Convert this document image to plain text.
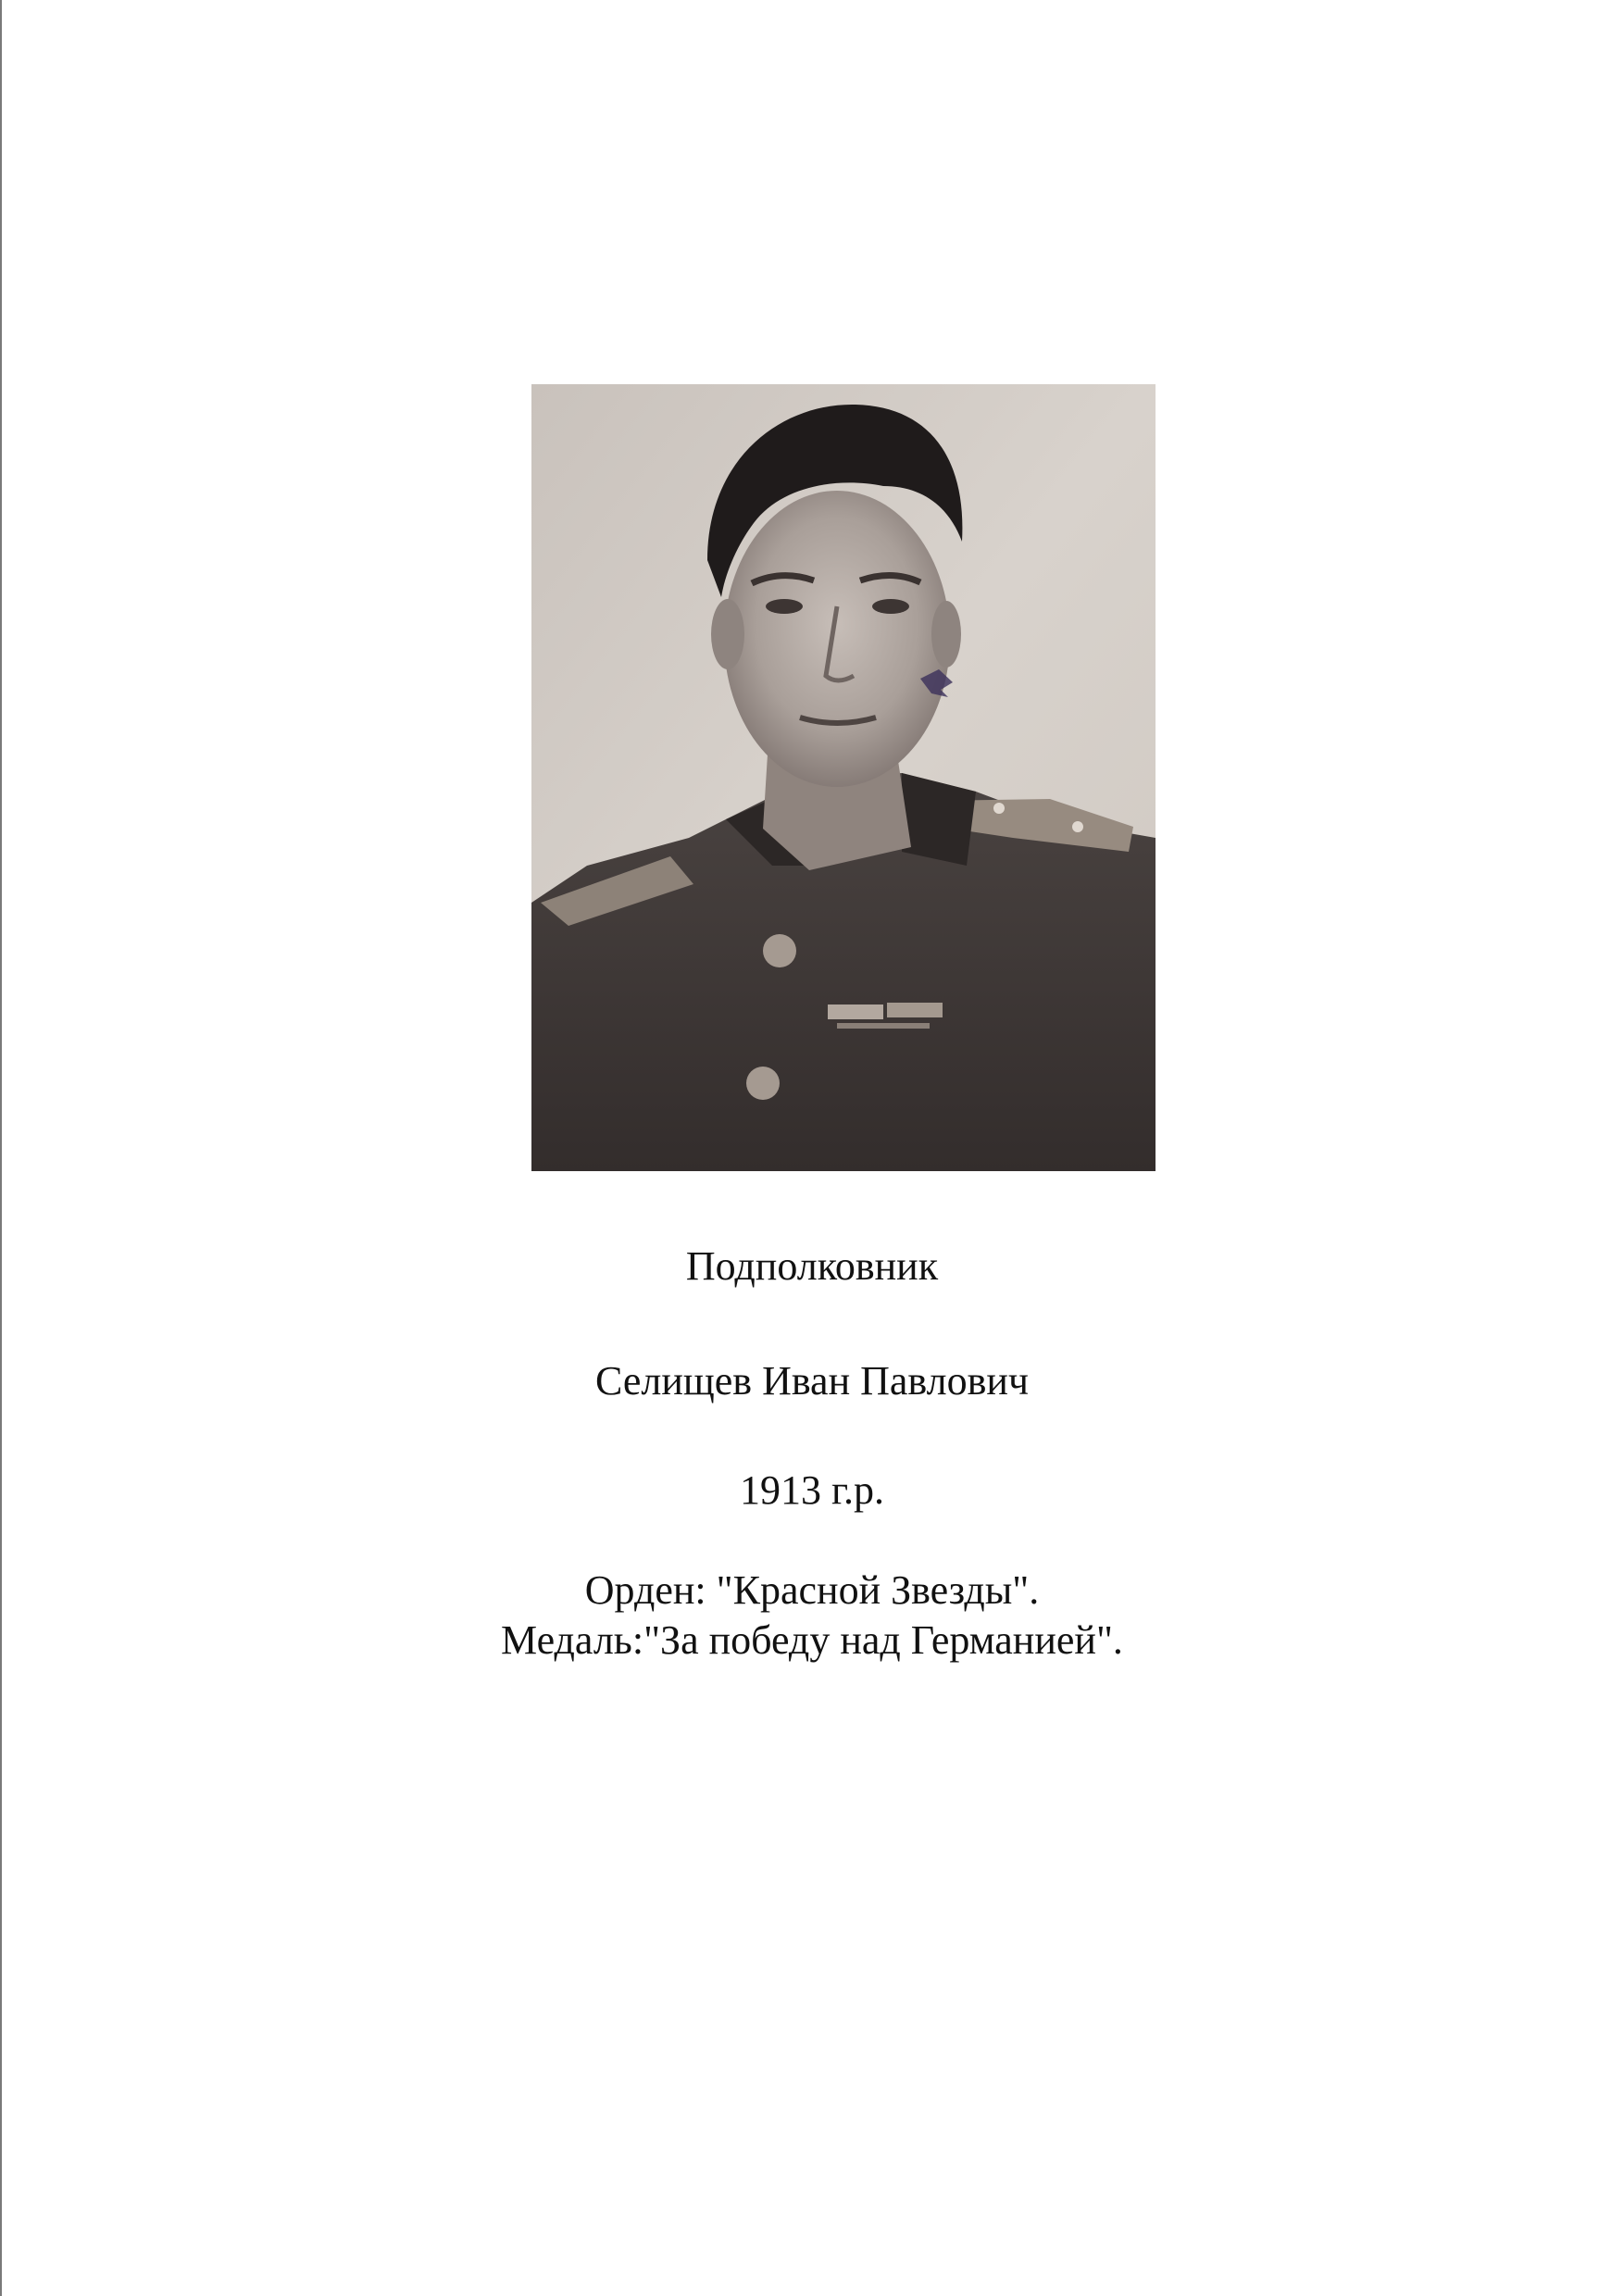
Подполковник
Селищев Иван Павлович
1913 г.р.
Орден: "Красной Звезды".
Медаль:"За победу над Германией".
